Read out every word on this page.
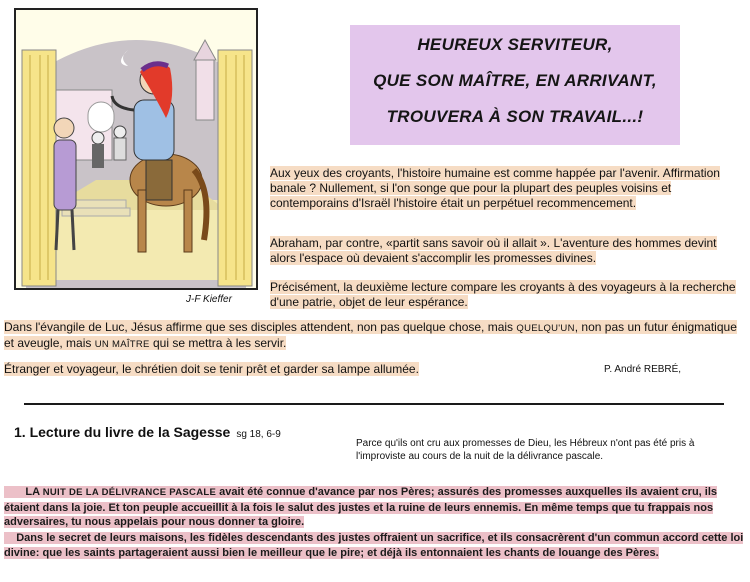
J-F Kieffer
HEUREUX SERVITEUR,
QUE SON MAÎTRE, EN ARRIVANT,
TROUVERA À SON TRAVAIL...!
Aux yeux des croyants, l'histoire humaine est comme happée par l'avenir. Affirmation banale ? Nullement, si l'on songe que pour la plupart des peuples voisins et contemporains d'Israël l'histoire était un perpétuel recommencement.
Abraham, par contre, «partit sans savoir où il allait ». L'aventure des hommes devint alors l'espace où devaient s'accomplir les promesses divines.
Précisément, la deuxième lecture compare les croyants à des voyageurs à la recherche d'une patrie, objet de leur espérance.
Dans l'évangile de Luc, Jésus affirme que ses disciples attendent, non pas quelque chose, mais QUELQU'UN, non pas un futur énigmatique et aveugle, mais UN MAÎTRE qui se mettra à les servir.
Étranger et voyageur, le chrétien doit se tenir prêt et garder sa lampe allumée.	P. André REBRÉ,
1. Lecture du livre de la Sagesse sg 18, 6-9
Parce qu'ils ont cru aux promesses de Dieu, les Hébreux n'ont pas été pris à l'improviste au cours de la nuit de la délivrance pascale.
LA NUIT DE LA DÉLIVRANCE PASCALE avait été connue d'avance par nos Pères; assurés des promesses auxquelles ils avaient cru, ils étaient dans la joie. Et ton peuple accueillit à la fois le salut des justes et la ruine de leurs ennemis. En même temps que tu frappais nos adversaires, tu nous appelais pour nous donner ta gloire.
Dans le secret de leurs maisons, les fidèles descendants des justes offraient un sacrifice, et ils consacrèrent d'un commun accord cette loi divine: que les saints partageraient aussi bien le meilleur que le pire; et déjà ils entonnaient les chants de louange des Pères.
